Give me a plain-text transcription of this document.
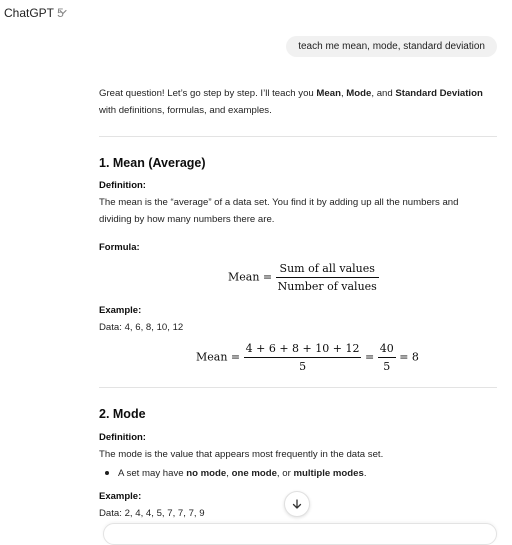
ChatGPT 5
teach me mean, mode, standard deviation

Great question! Let’s go step by step. I’ll teach you Mean, Mode, and Standard Deviation

with definitions, formulas, and examples.

1. Mean (Average)
Definition:

The mean is the “average” of a data set. You find it by adding up all the numbers and

dividing by how many numbers there are.

Formula:
Mean = $\frac{\text{Sum of all values}}{\text{Number of values}}$
Example:

Data: 4, 6, 8, 10, 12

Mean = $\frac{4 + 6 + 8 + 10 + 12}{5} = \frac{40}{5} = 8$
2. Mode
Definition:

The mode is the value that appears most frequently in the data set.

A set may have no mode, one mode, or multiple modes.

Example:

Data: 2, 4, 4, 5, 7, 7, 7, 9
